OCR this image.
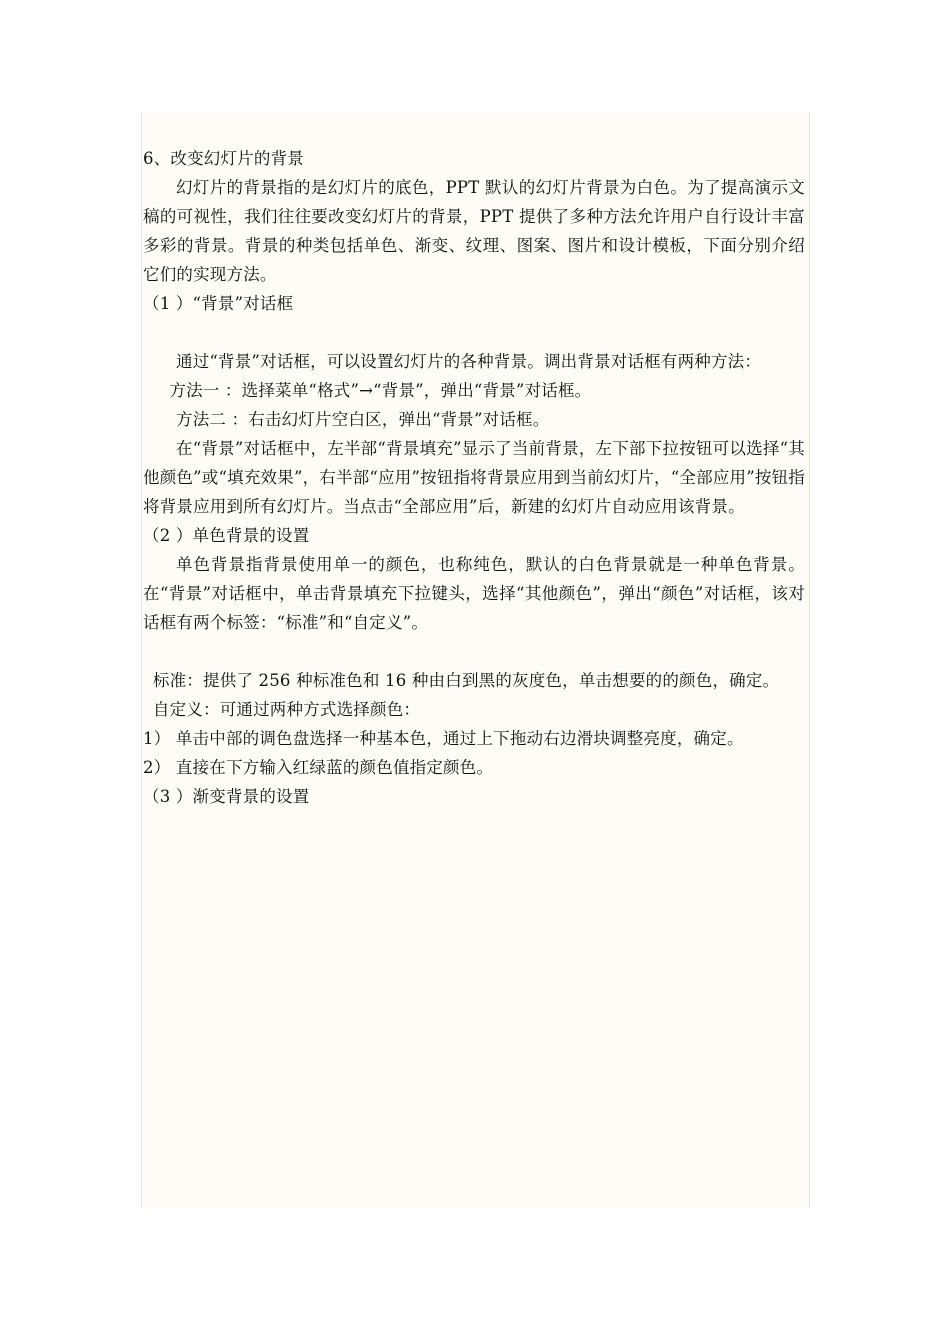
6、改变幻灯片的背景

幻灯片的背景指的是幻灯片的底色，PPT 默认的幻灯片背景为白色。为了提高演示文稿的可视性，我们往往要改变幻灯片的背景，PPT 提供了多种方法允许用户自行设计丰富多彩的背景。背景的种类包括单色、渐变、纹理、图案、图片和设计模板，下面分别介绍它们的实现方法。

（1 ）“背景”对话框

通过“背景”对话框，可以设置幻灯片的各种背景。调出背景对话框有两种方法：

方法一 ：选择菜单“格式”→“背景”，弹出“背景”对话框。

方法二 ：右击幻灯片空白区，弹出“背景”对话框。

在“背景”对话框中，左半部“背景填充”显示了当前背景，左下部下拉按钮可以选择“其他颜色”或“填充效果”，右半部“应用”按钮指将背景应用到当前幻灯片，“全部应用”按钮指将背景应用到所有幻灯片。当点击“全部应用”后，新建的幻灯片自动应用该背景。

（2 ）单色背景的设置

单色背景指背景使用单一的颜色，也称纯色，默认的白色背景就是一种单色背景。在“背景”对话框中，单击背景填充下拉键头，选择“其他颜色”，弹出“颜色”对话框，该对话框有两个标签：“标准”和“自定义”。

标准：提供了 256 种标准色和 16 种由白到黑的灰度色，单击想要的的颜色，确定。

自定义：可通过两种方式选择颜色：

1） 单击中部的调色盘选择一种基本色，通过上下拖动右边滑块调整亮度，确定。

2） 直接在下方输入红绿蓝的颜色值指定颜色。

（3 ）渐变背景的设置
